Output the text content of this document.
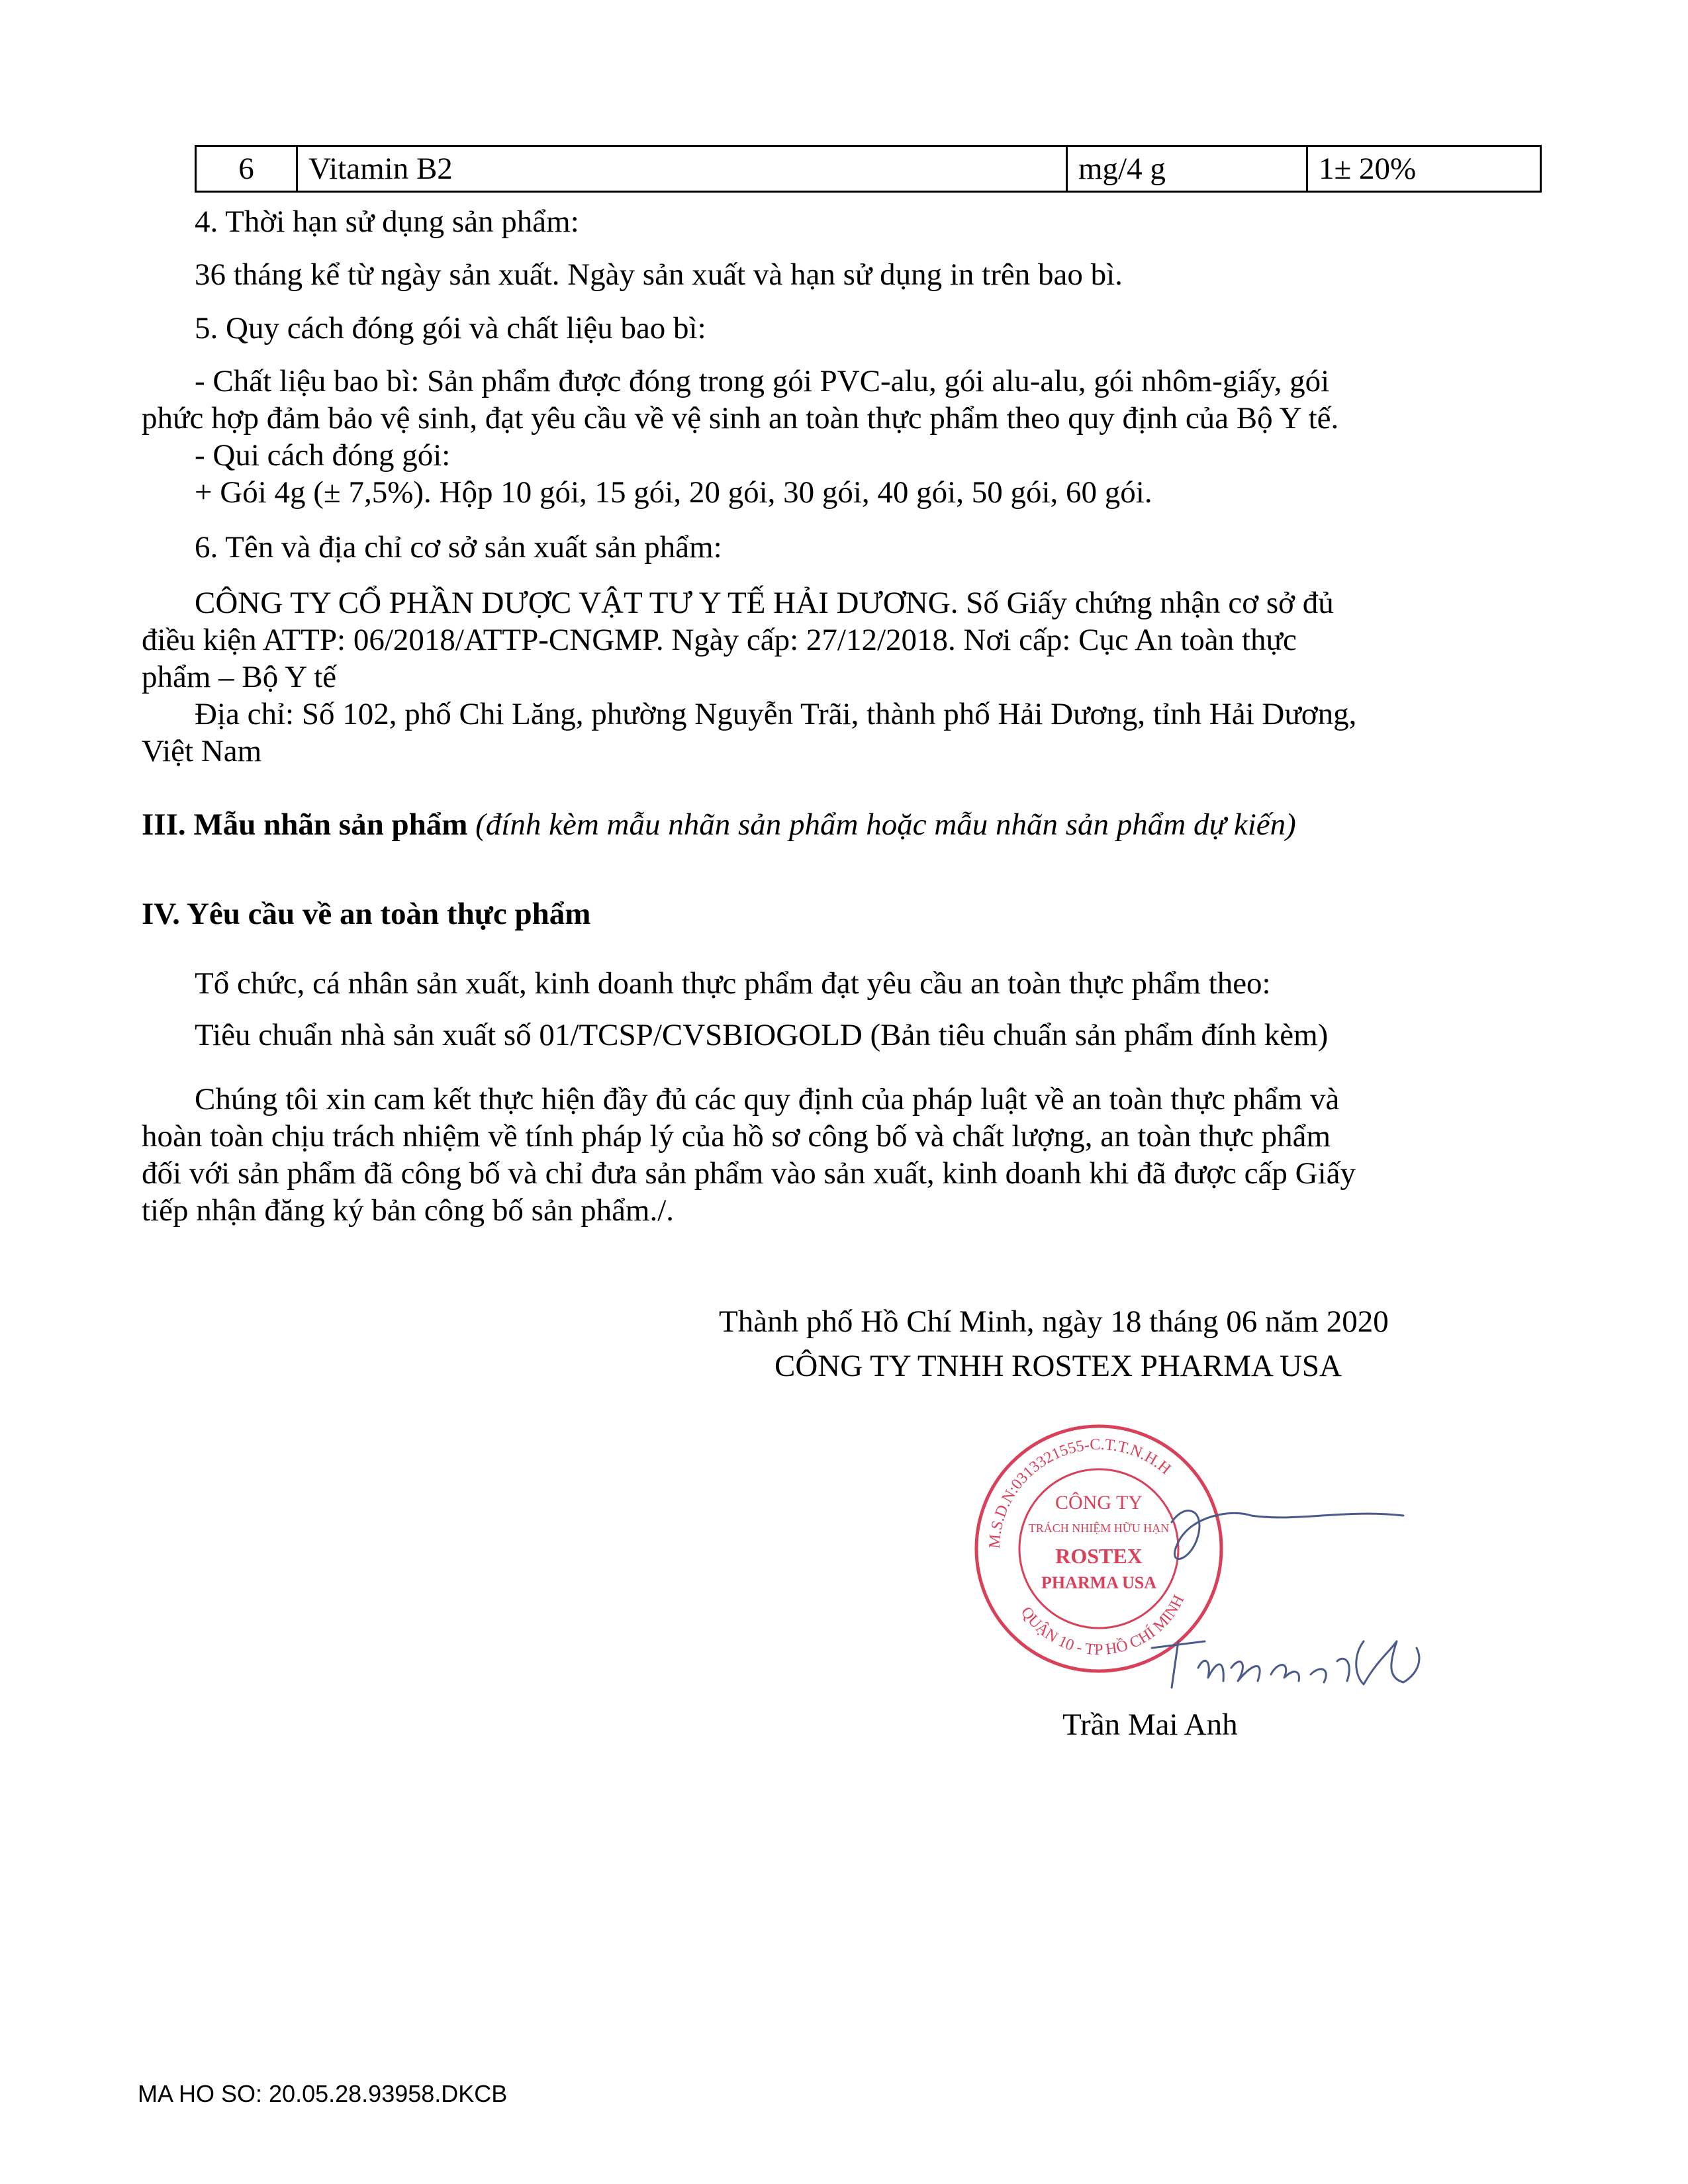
6	Vitamin B2	mg/4 g	1± 20%

4. Thời hạn sử dụng sản phẩm:

36 tháng kể từ ngày sản xuất. Ngày sản xuất và hạn sử dụng in trên bao bì.

5. Quy cách đóng gói và chất liệu bao bì:

- Chất liệu bao bì: Sản phẩm được đóng trong gói PVC-alu, gói alu-alu, gói nhôm-giấy, gói

phức hợp đảm bảo vệ sinh, đạt yêu cầu về vệ sinh an toàn thực phẩm theo quy định của Bộ Y tế.

- Qui cách đóng gói:

+ Gói 4g (± 7,5%). Hộp 10 gói, 15 gói, 20 gói, 30 gói, 40 gói, 50 gói, 60 gói.

6. Tên và địa chỉ cơ sở sản xuất sản phẩm:

CÔNG TY CỔ PHẦN DƯỢC VẬT TƯ Y TẾ HẢI DƯƠNG. Số Giấy chứng nhận cơ sở đủ

điều kiện ATTP: 06/2018/ATTP-CNGMP. Ngày cấp: 27/12/2018. Nơi cấp: Cục An toàn thực

phẩm – Bộ Y tế

Địa chỉ: Số 102, phố Chi Lăng, phường Nguyễn Trãi, thành phố Hải Dương, tỉnh Hải Dương,

Việt Nam

III. Mẫu nhãn sản phẩm (đính kèm mẫu nhãn sản phẩm hoặc mẫu nhãn sản phẩm dự kiến)

IV. Yêu cầu về an toàn thực phẩm

Tổ chức, cá nhân sản xuất, kinh doanh thực phẩm đạt yêu cầu an toàn thực phẩm theo:

Tiêu chuẩn nhà sản xuất số 01/TCSP/CVSBIOGOLD (Bản tiêu chuẩn sản phẩm đính kèm)

Chúng tôi xin cam kết thực hiện đầy đủ các quy định của pháp luật về an toàn thực phẩm và

hoàn toàn chịu trách nhiệm về tính pháp lý của hồ sơ công bố và chất lượng, an toàn thực phẩm

đối với sản phẩm đã công bố và chỉ đưa sản phẩm vào sản xuất, kinh doanh khi đã được cấp Giấy

tiếp nhận đăng ký bản công bố sản phẩm./.

Thành phố Hồ Chí Minh, ngày 18 tháng 06 năm 2020

CÔNG TY TNHH ROSTEX PHARMA USA

M.S.D.N:0313321555-C.T.T.N.H.H
QUẬN 10 - TP HỒ CHÍ MINH
CÔNG TY
TRÁCH NHIỆM HỮU HẠN
ROSTEX
PHARMA USA

Trần Mai Anh

MA HO SO: 20.05.28.93958.DKCB
